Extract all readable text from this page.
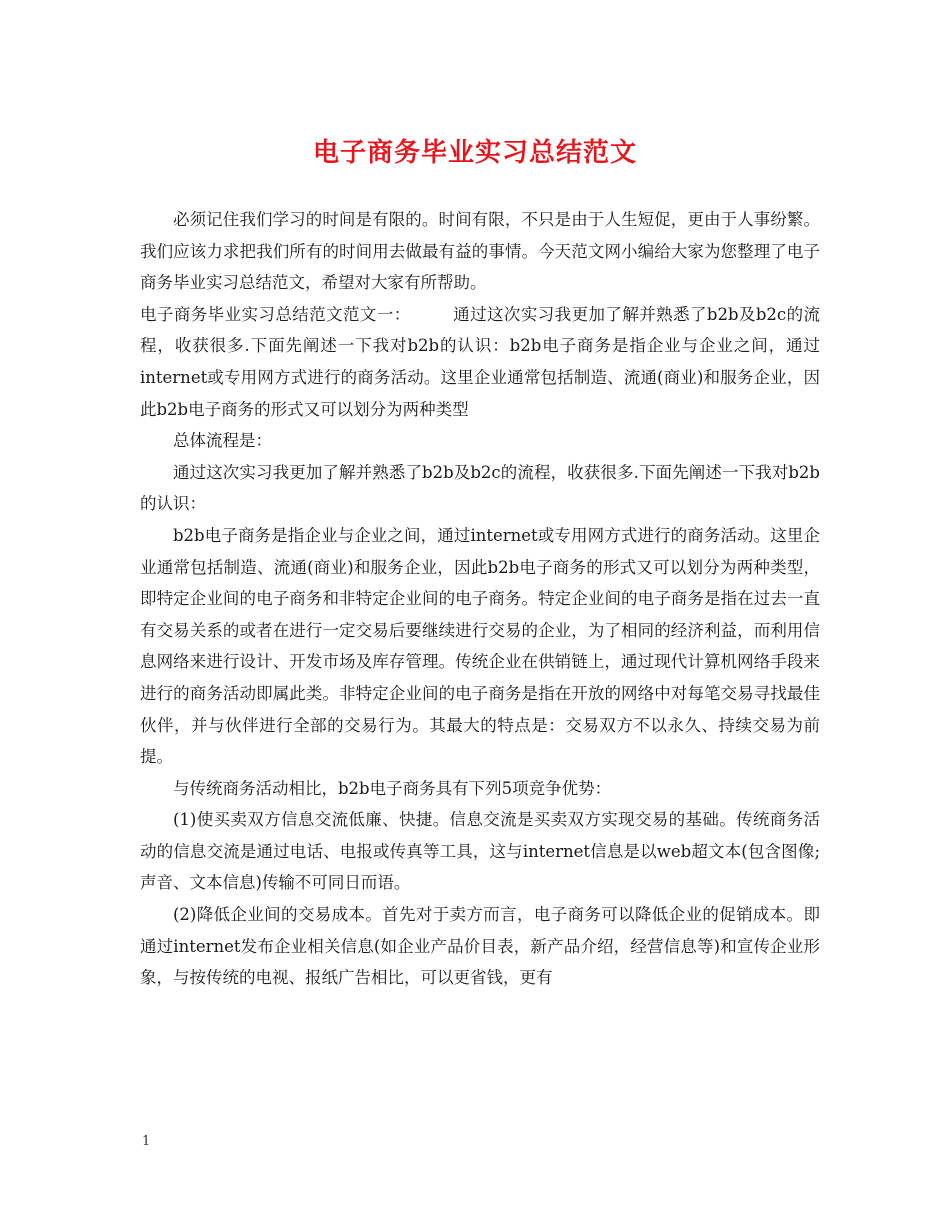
电子商务毕业实习总结范文

必须记住我们学习的时间是有限的。时间有限，不只是由于人生短促，更由于人事纷繁。我们应该力求把我们所有的时间用去做最有益的事情。今天范文网小编给大家为您整理了电子商务毕业实习总结范文，希望对大家有所帮助。

电子商务毕业实习总结范文范文一：　　　通过这次实习我更加了解并熟悉了b2b及b2c的流程，收获很多.下面先阐述一下我对b2b的认识：b2b电子商务是指企业与企业之间，通过internet或专用网方式进行的商务活动。这里企业通常包括制造、流通(商业)和服务企业，因此b2b电子商务的形式又可以划分为两种类型

总体流程是：

通过这次实习我更加了解并熟悉了b2b及b2c的流程，收获很多.下面先阐述一下我对b2b的认识：

b2b电子商务是指企业与企业之间，通过internet或专用网方式进行的商务活动。这里企业通常包括制造、流通(商业)和服务企业，因此b2b电子商务的形式又可以划分为两种类型，即特定企业间的电子商务和非特定企业间的电子商务。特定企业间的电子商务是指在过去一直有交易关系的或者在进行一定交易后要继续进行交易的企业，为了相同的经济利益，而利用信息网络来进行设计、开发市场及库存管理。传统企业在供销链上，通过现代计算机网络手段来进行的商务活动即属此类。非特定企业间的电子商务是指在开放的网络中对每笔交易寻找最佳伙伴，并与伙伴进行全部的交易行为。其最大的特点是：交易双方不以永久、持续交易为前提。

与传统商务活动相比，b2b电子商务具有下列5项竞争优势：

(1)使买卖双方信息交流低廉、快捷。信息交流是买卖双方实现交易的基础。传统商务活动的信息交流是通过电话、电报或传真等工具，这与internet信息是以web超文本(包含图像;声音、文本信息)传输不可同日而语。

(2)降低企业间的交易成本。首先对于卖方而言，电子商务可以降低企业的促销成本。即通过internet发布企业相关信息(如企业产品价目表，新产品介绍，经营信息等)和宣传企业形象，与按传统的电视、报纸广告相比，可以更省钱，更有

1
